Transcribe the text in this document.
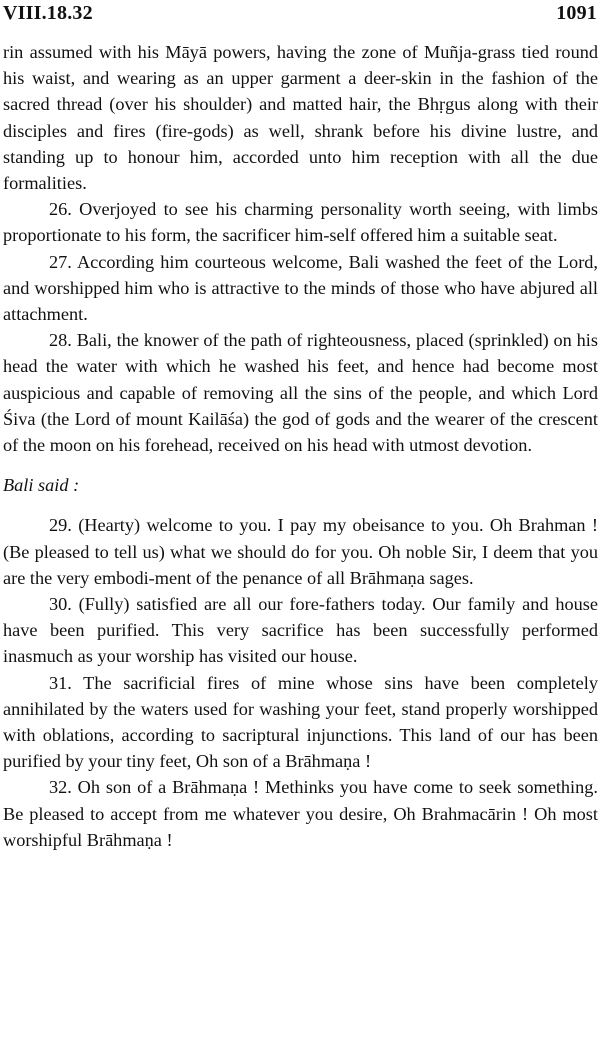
VIII.18.32	1091

rin assumed with his Māyā powers, having the zone of Muñja-grass tied round his waist, and wearing as an upper garment a deer-skin in the fashion of the sacred thread (over his shoulder) and matted hair, the Bhṛgus along with their disciples and fires (fire-gods) as well, shrank before his divine lustre, and standing up to honour him, accorded unto him reception with all the due formalities.

26. Overjoyed to see his charming personality worth seeing, with limbs proportionate to his form, the sacrificer him-self offered him a suitable seat.

27. According him courteous welcome, Bali washed the feet of the Lord, and worshipped him who is attractive to the minds of those who have abjured all attachment.

28. Bali, the knower of the path of righteousness, placed (sprinkled) on his head the water with which he washed his feet, and hence had become most auspicious and capable of removing all the sins of the people, and which Lord Śiva (the Lord of mount Kailāśa) the god of gods and the wearer of the crescent of the moon on his forehead, received on his head with utmost devotion.

Bali said :

29. (Hearty) welcome to you. I pay my obeisance to you. Oh Brahman ! (Be pleased to tell us) what we should do for you. Oh noble Sir, I deem that you are the very embodi-ment of the penance of all Brāhmaṇa sages.

30. (Fully) satisfied are all our fore-fathers today. Our family and house have been purified. This very sacrifice has been successfully performed inasmuch as your worship has visited our house.

31. The sacrificial fires of mine whose sins have been completely annihilated by the waters used for washing your feet, stand properly worshipped with oblations, according to sacriptural injunctions. This land of our has been purified by your tiny feet, Oh son of a Brāhmaṇa !

32. Oh son of a Brāhmaṇa ! Methinks you have come to seek something. Be pleased to accept from me whatever you desire, Oh Brahmacārin ! Oh most worshipful Brāhmaṇa !
